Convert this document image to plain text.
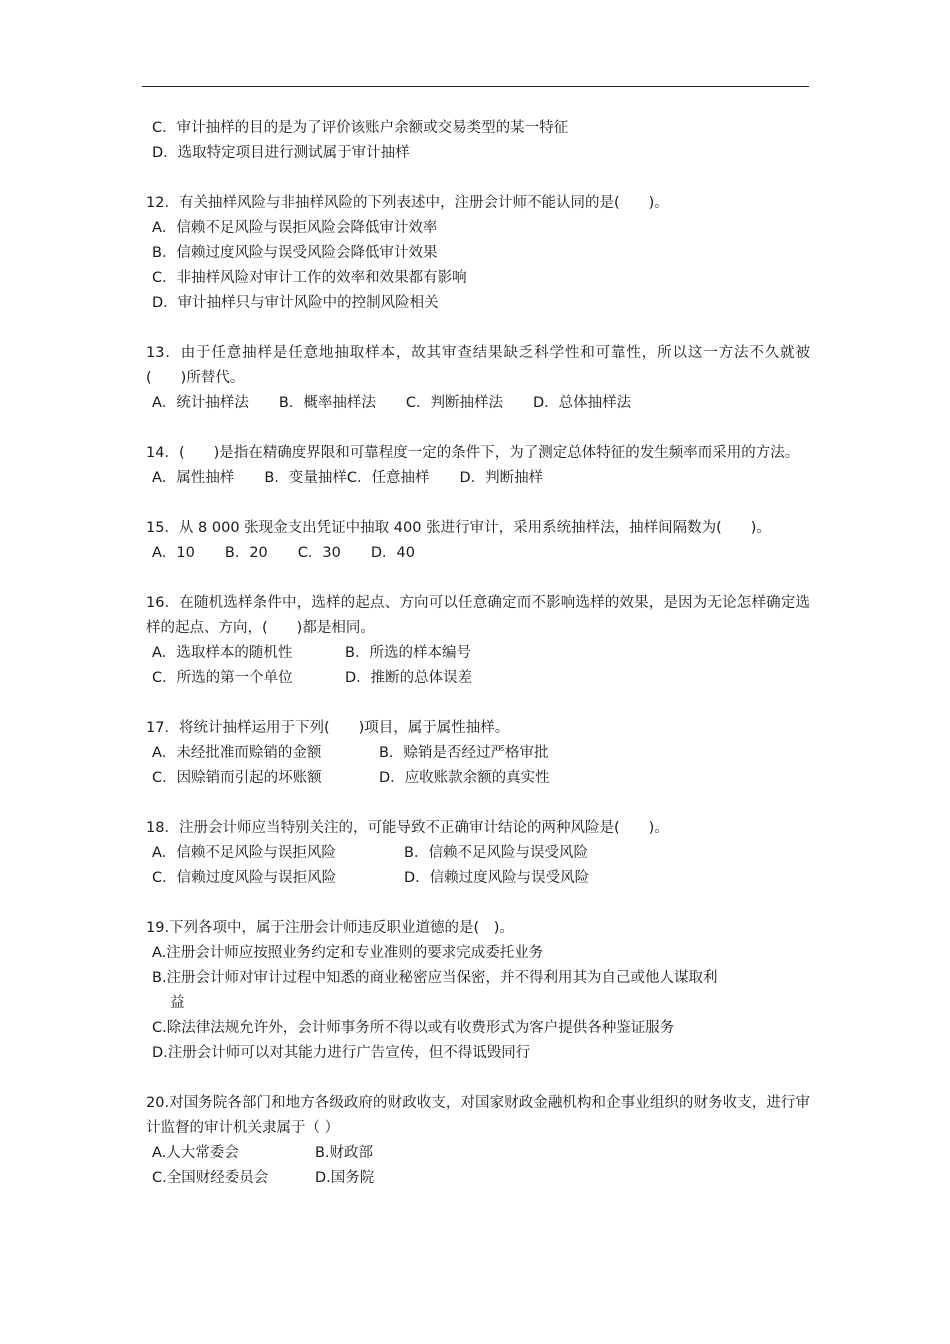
C．审计抽样的目的是为了评价该账户余额或交易类型的某一特征
D．选取特定项目进行测试属于审计抽样

12．有关抽样风险与非抽样风险的下列表述中，注册会计师不能认同的是(　　)。

A．信赖不足风险与误拒风险会降低审计效率
B．信赖过度风险与误受风险会降低审计效果
C．非抽样风险对审计工作的效率和效果都有影响
D．审计抽样只与审计风险中的控制风险相关

13．由于任意抽样是任意地抽取样本，故其审查结果缺乏科学性和可靠性，所以这一方法不久就被(　　)所替代。

A．统计抽样法 B．概率抽样法 C．判断抽样法 D．总体抽样法

14．(　　)是指在精确度界限和可靠程度一定的条件下，为了测定总体特征的发生频率而采用的方法。

A．属性抽样 B．变量抽样 C．任意抽样 D．判断抽样

15．从 8 000 张现金支出凭证中抽取 400 张进行审计，采用系统抽样法，抽样间隔数为(　　)。

A．10 B．20 C．30 D．40

16．在随机选样条件中，选样的起点、方向可以任意确定而不影响选样的效果，是因为无论怎样确定选样的起点、方向，(　　)都是相同。

A．选取样本的随机性	B．所选的样本编号
C．所选的第一个单位	D．推断的总体误差

17．将统计抽样运用于下列(　　)项目，属于属性抽样。

A．未经批准而赊销的金额	B．赊销是否经过严格审批
C．因赊销而引起的坏账额	D．应收账款余额的真实性

18．注册会计师应当特别关注的，可能导致不正确审计结论的两种风险是(　　)。

A．信赖不足风险与误拒风险	B．信赖不足风险与误受风险
C．信赖过度风险与误拒风险	D．信赖过度风险与误受风险

19.下列各项中，属于注册会计师违反职业道德的是(　)。

A.注册会计师应按照业务约定和专业准则的要求完成委托业务
B.注册会计师对审计过程中知悉的商业秘密应当保密，并不得利用其为自己或他人谋取利
益
C.除法律法规允许外，会计师事务所不得以或有收费形式为客户提供各种鉴证服务
D.注册会计师可以对其能力进行广告宣传，但不得诋毁同行

20.对国务院各部门和地方各级政府的财政收支，对国家财政金融机构和企事业组织的财务收支，进行审计监督的审计机关隶属于（ ）

A.人大常委会	B.财政部
C.全国财经委员会	D.国务院
